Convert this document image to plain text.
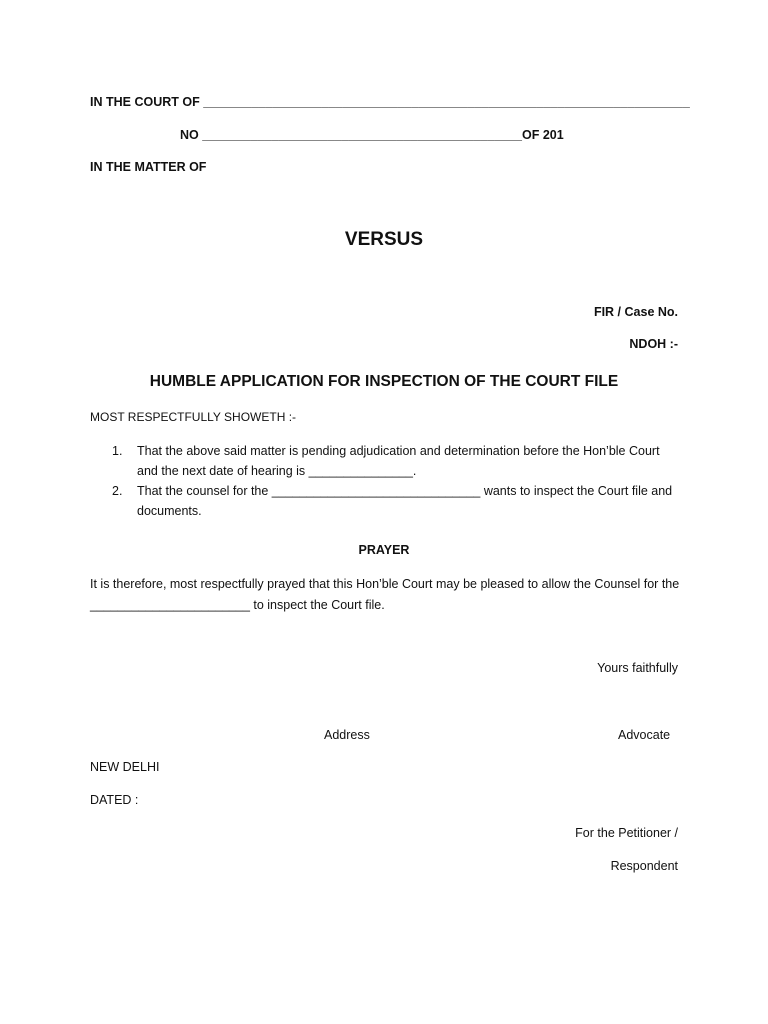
IN THE COURT OF ______________________________________________________________________
NO ______________________________________________OF 201
IN THE MATTER OF
VERSUS
FIR / Case No.
NDOH :-
HUMBLE APPLICATION FOR INSPECTION OF THE COURT FILE
MOST RESPECTFULLY SHOWETH :-
1. That the above said matter is pending adjudication and determination before the Hon’ble Court and the next date of hearing is _______________.
2. That the counsel for the ______________________________ wants to inspect the Court file and documents.
PRAYER
It is therefore, most respectfully prayed that this Hon’ble Court may be pleased to allow the Counsel for the _______________________ to inspect the Court file.
Yours faithfully
Address	Advocate
NEW DELHI
DATED :
For the Petitioner /
Respondent
